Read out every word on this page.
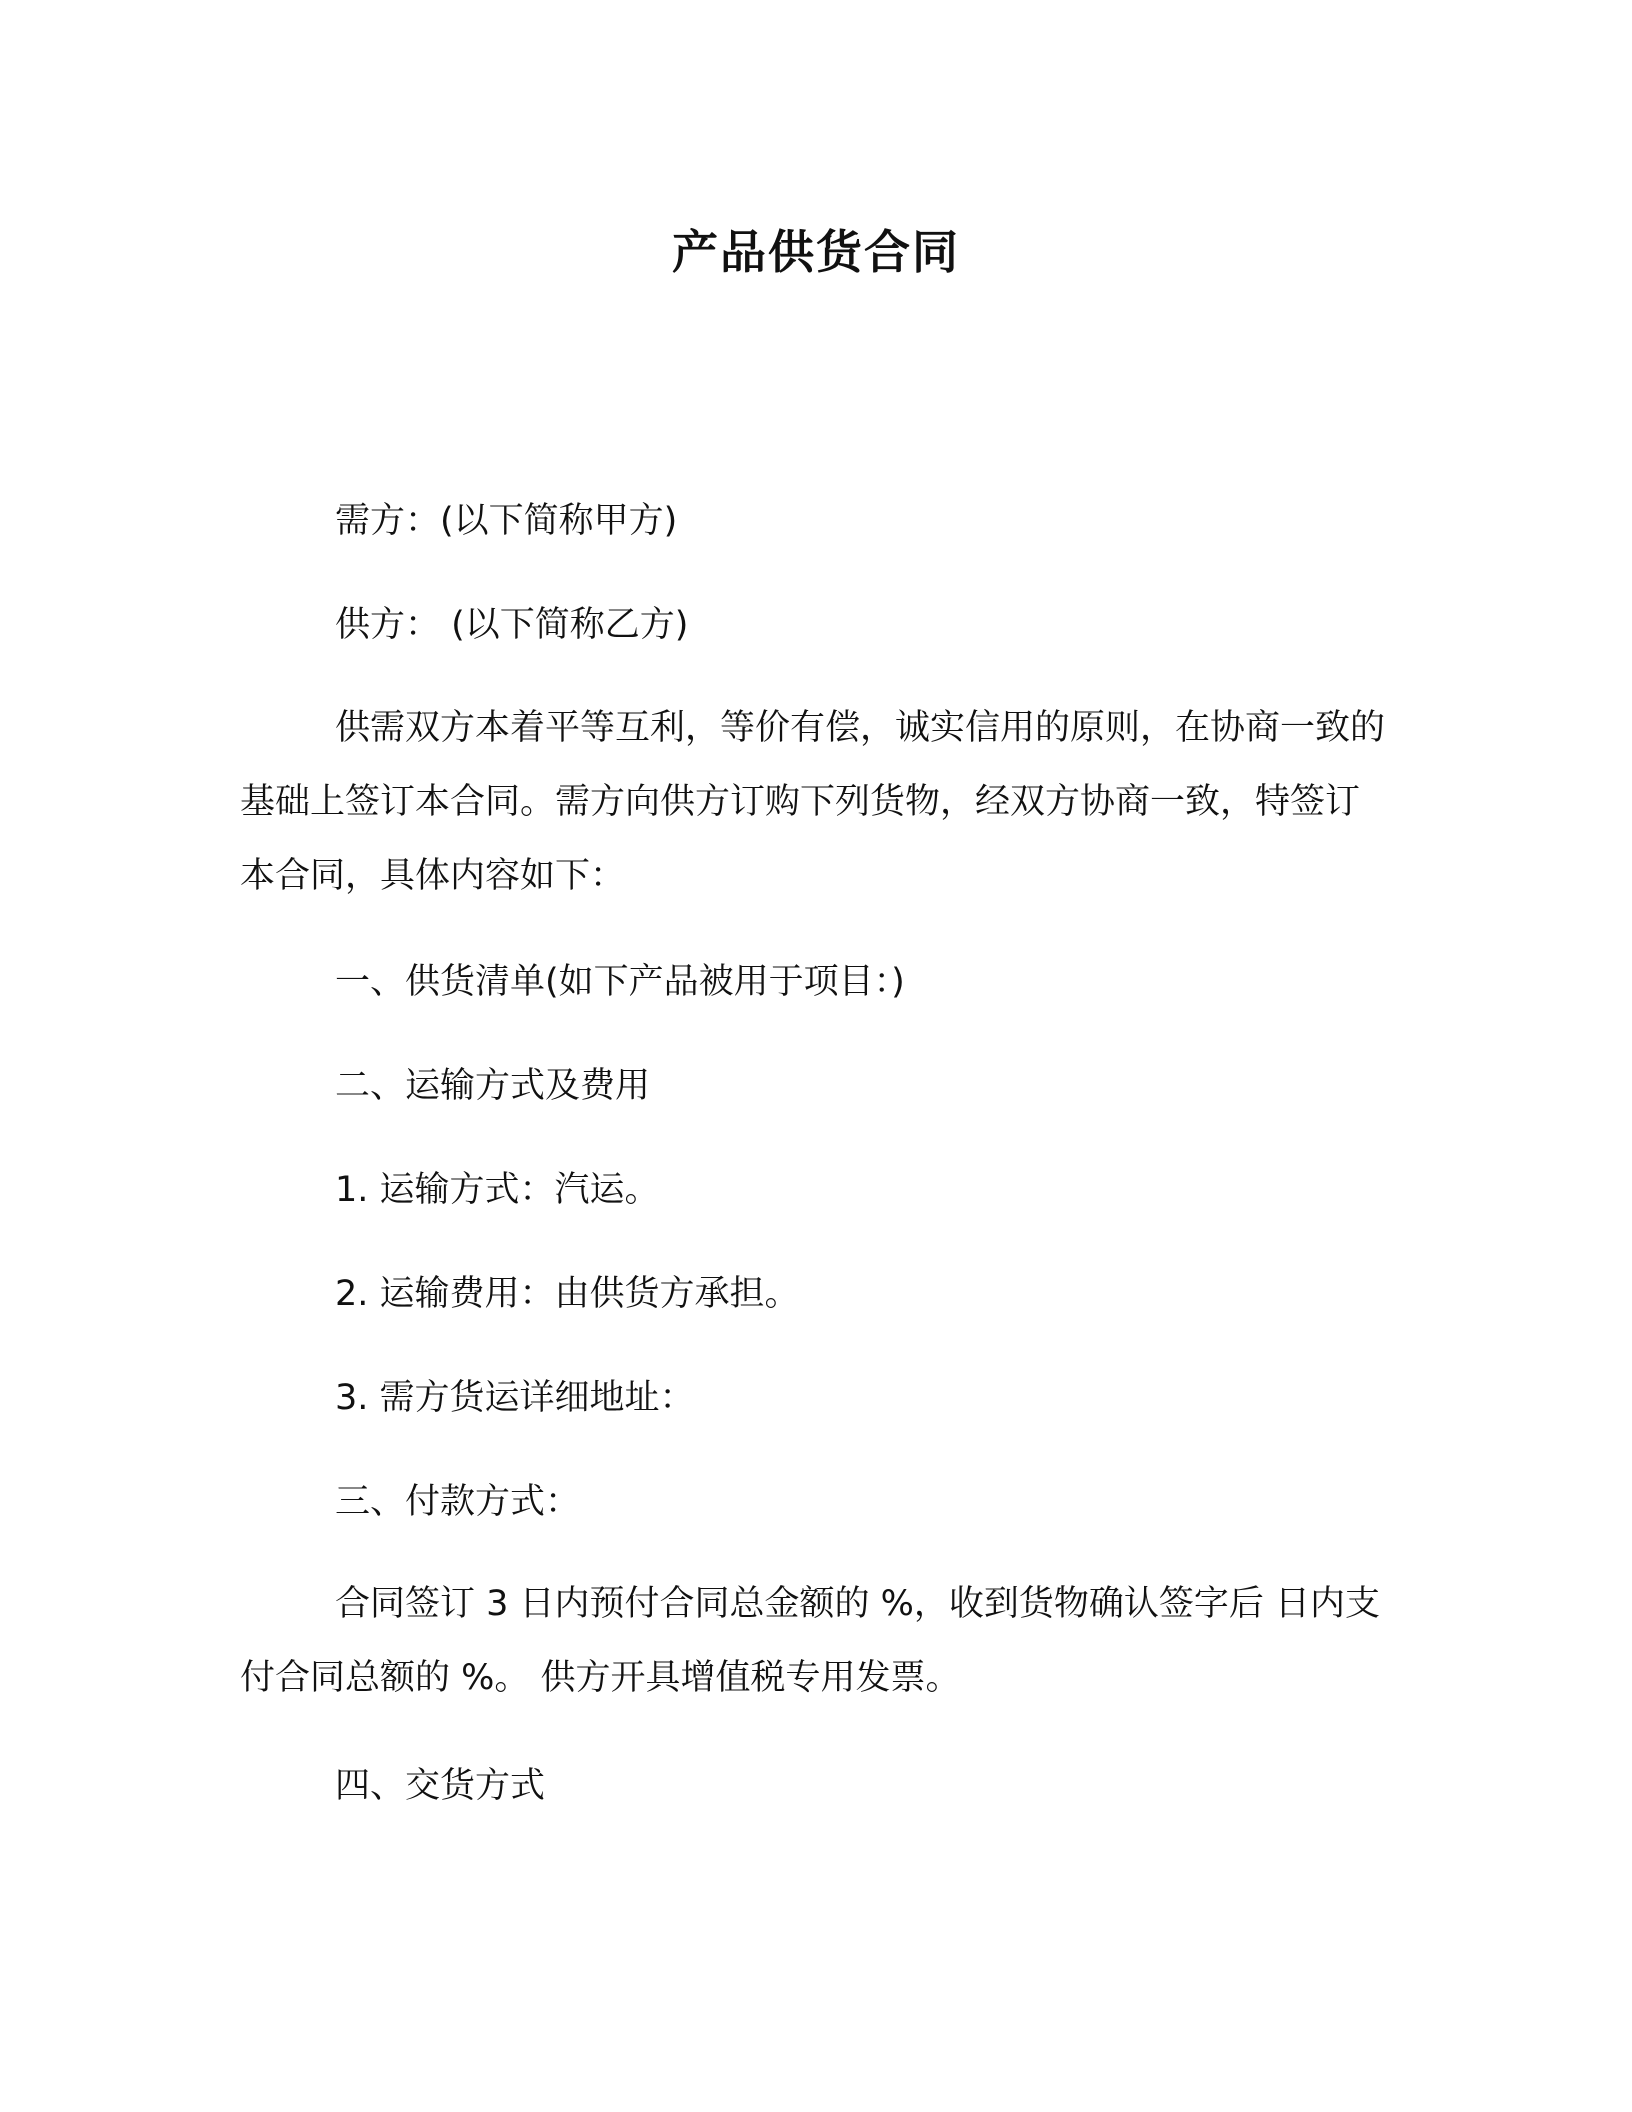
产品供货合同
需方：(以下简称甲方)
供方： (以下简称乙方)

供需双方本着平等互利，等价有偿，诚实信用的原则，在协商一致的基础上签订本合同。需方向供方订购下列货物，经双方协商一致，特签订本合同，具体内容如下：

一、供货清单(如下产品被用于项目：)
二、运输方式及费用
1. 运输方式：汽运。
2. 运输费用：由供货方承担。
3. 需方货运详细地址：
三、付款方式：

合同签订 3 日内预付合同总金额的 %，收到货物确认签字后 日内支付合同总额的 %。 供方开具增值税专用发票。

四、交货方式
